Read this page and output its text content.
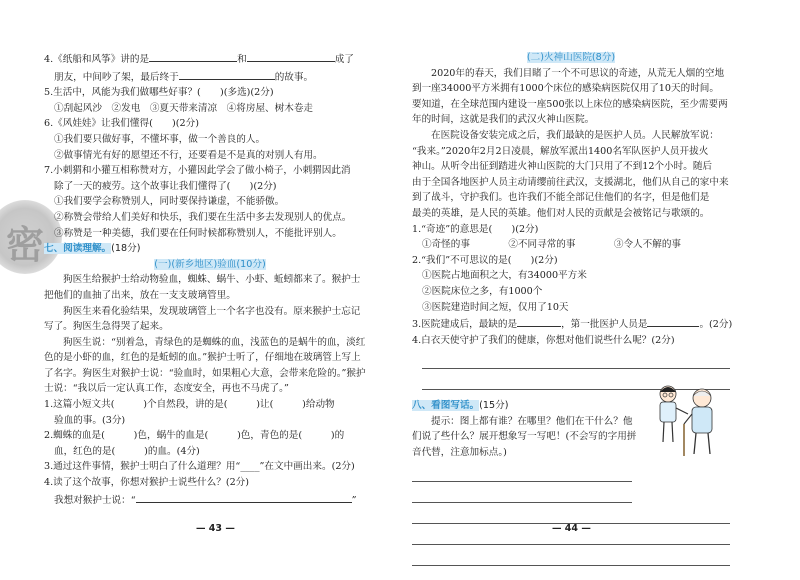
密
4.《纸船和风筝》讲的是	和	成了
朋友，中间吵了架，最后终于	的故事。
5.生活中，风能为我们做哪些好事？(　　)(多选)(2分)
①刮起风沙　②发电　③夏天带来清凉　④将房屋、树木卷走
6.《风娃娃》让我们懂得(　　)(2分)
①我们要只做好事，不懂坏事，做一个善良的人。
②做事情光有好的愿望还不行，还要看是不是真的对别人有用。
7.小刺猬和小獾互相称赞对方，小獾因此学会了做小椅子，小刺猬因此消
除了一天的疲劳。这个故事让我们懂得了(　　)(2分)
①我们要学会称赞别人，同时要保持谦虚，不能骄傲。
②称赞会带给人们美好和快乐，我们要在生活中多去发现别人的优点。
③称赞是一种美德，我们要在任何时候都称赞别人，不能批评别人。
七、阅读理解。(18分)
(一)(新乡地区)验血(10分)
狗医生给猴护士给动物验血，蜘蛛、蜗牛、小虾、蚯蚓都来了。猴护士
把他们的血抽了出来，放在一支支玻璃管里。
狗医生来看化验结果，发现玻璃管上一个名字也没有。原来猴护士忘记
写了。狗医生急得哭了起来。
狗医生说：“别着急，青绿色的是蜘蛛的血，浅蓝色的是蜗牛的血，淡红
色的是小虾的血，红色的是蚯蚓的血。”猴护士听了，仔细地在玻璃管上写上
了名字。狗医生对猴护士说：“验血时，如果粗心大意，会带来危险的。”猴护
士说：“我以后一定认真工作，态度安全，再也不马虎了。”
1.这篇小短文共(　　　)个自然段，讲的是(　　　)让(　　　)给动物
验血的事。(3分)
2.蜘蛛的血是(　　　)色，蜗牛的血是(　　　)色，青色的是(　　　)的
血，红色的是(　　　)的血。(4分)
3.通过这件事情，猴护士明白了什么道理？用“____”在文中画出来。(2分)
4.读了这个故事，你想对猴护士说些什么？(2分)
我想对猴护士说：“	”
(二)火神山医院(8分)
2020年的春天，我们目睹了一个不可思议的奇迹，从荒无人烟的空地
到一座34000平方米拥有1000个床位的感染病医院仅用了10天的时间。
要知道，在全球范围内建设一座500张以上床位的感染病医院，至少需要两
年的时间，这就是我们的武汉火神山医院。
在医院设备安装完成之后，我们最缺的是医护人员。人民解放军说：
“我来。”2020年2月2日凌晨，解放军派出1400名军队医护人员开拔火
神山。从听令出征到踏进火神山医院的大门只用了不到12个小时。随后
由于全国各地医护人员主动请缨前往武汉，支援湖北，他们从自己的家中来
到了战斗，守护我们。也许我们不能全部记住他们的名字，但是他们是
最美的英雄，是人民的英雄。他们对人民的贡献是会被铭记与歌颂的。
1.“奇迹”的意思是(　　)(2分)
①奇怪的事　　　　②不同寻常的事　　　　③令人不解的事
2.“我们”不可思议的是(　　)(2分)
①医院占地面积之大，有34000平方米
②医院床位之多，有1000个
③医院建造时间之短，仅用了10天
3.医院建成后，最缺的是	，第一批医护人员是	。(2分)
4.白衣天使守护了我们的健康，你想对他们说些什么呢？(2分)
八、看图写话。(15分)
提示：图上都有谁？在哪里？他们在干什么？他
们说了些什么？展开想象写一写吧！(不会写的字用拼
音代替，注意加标点。)
— 43 —	— 44 —
